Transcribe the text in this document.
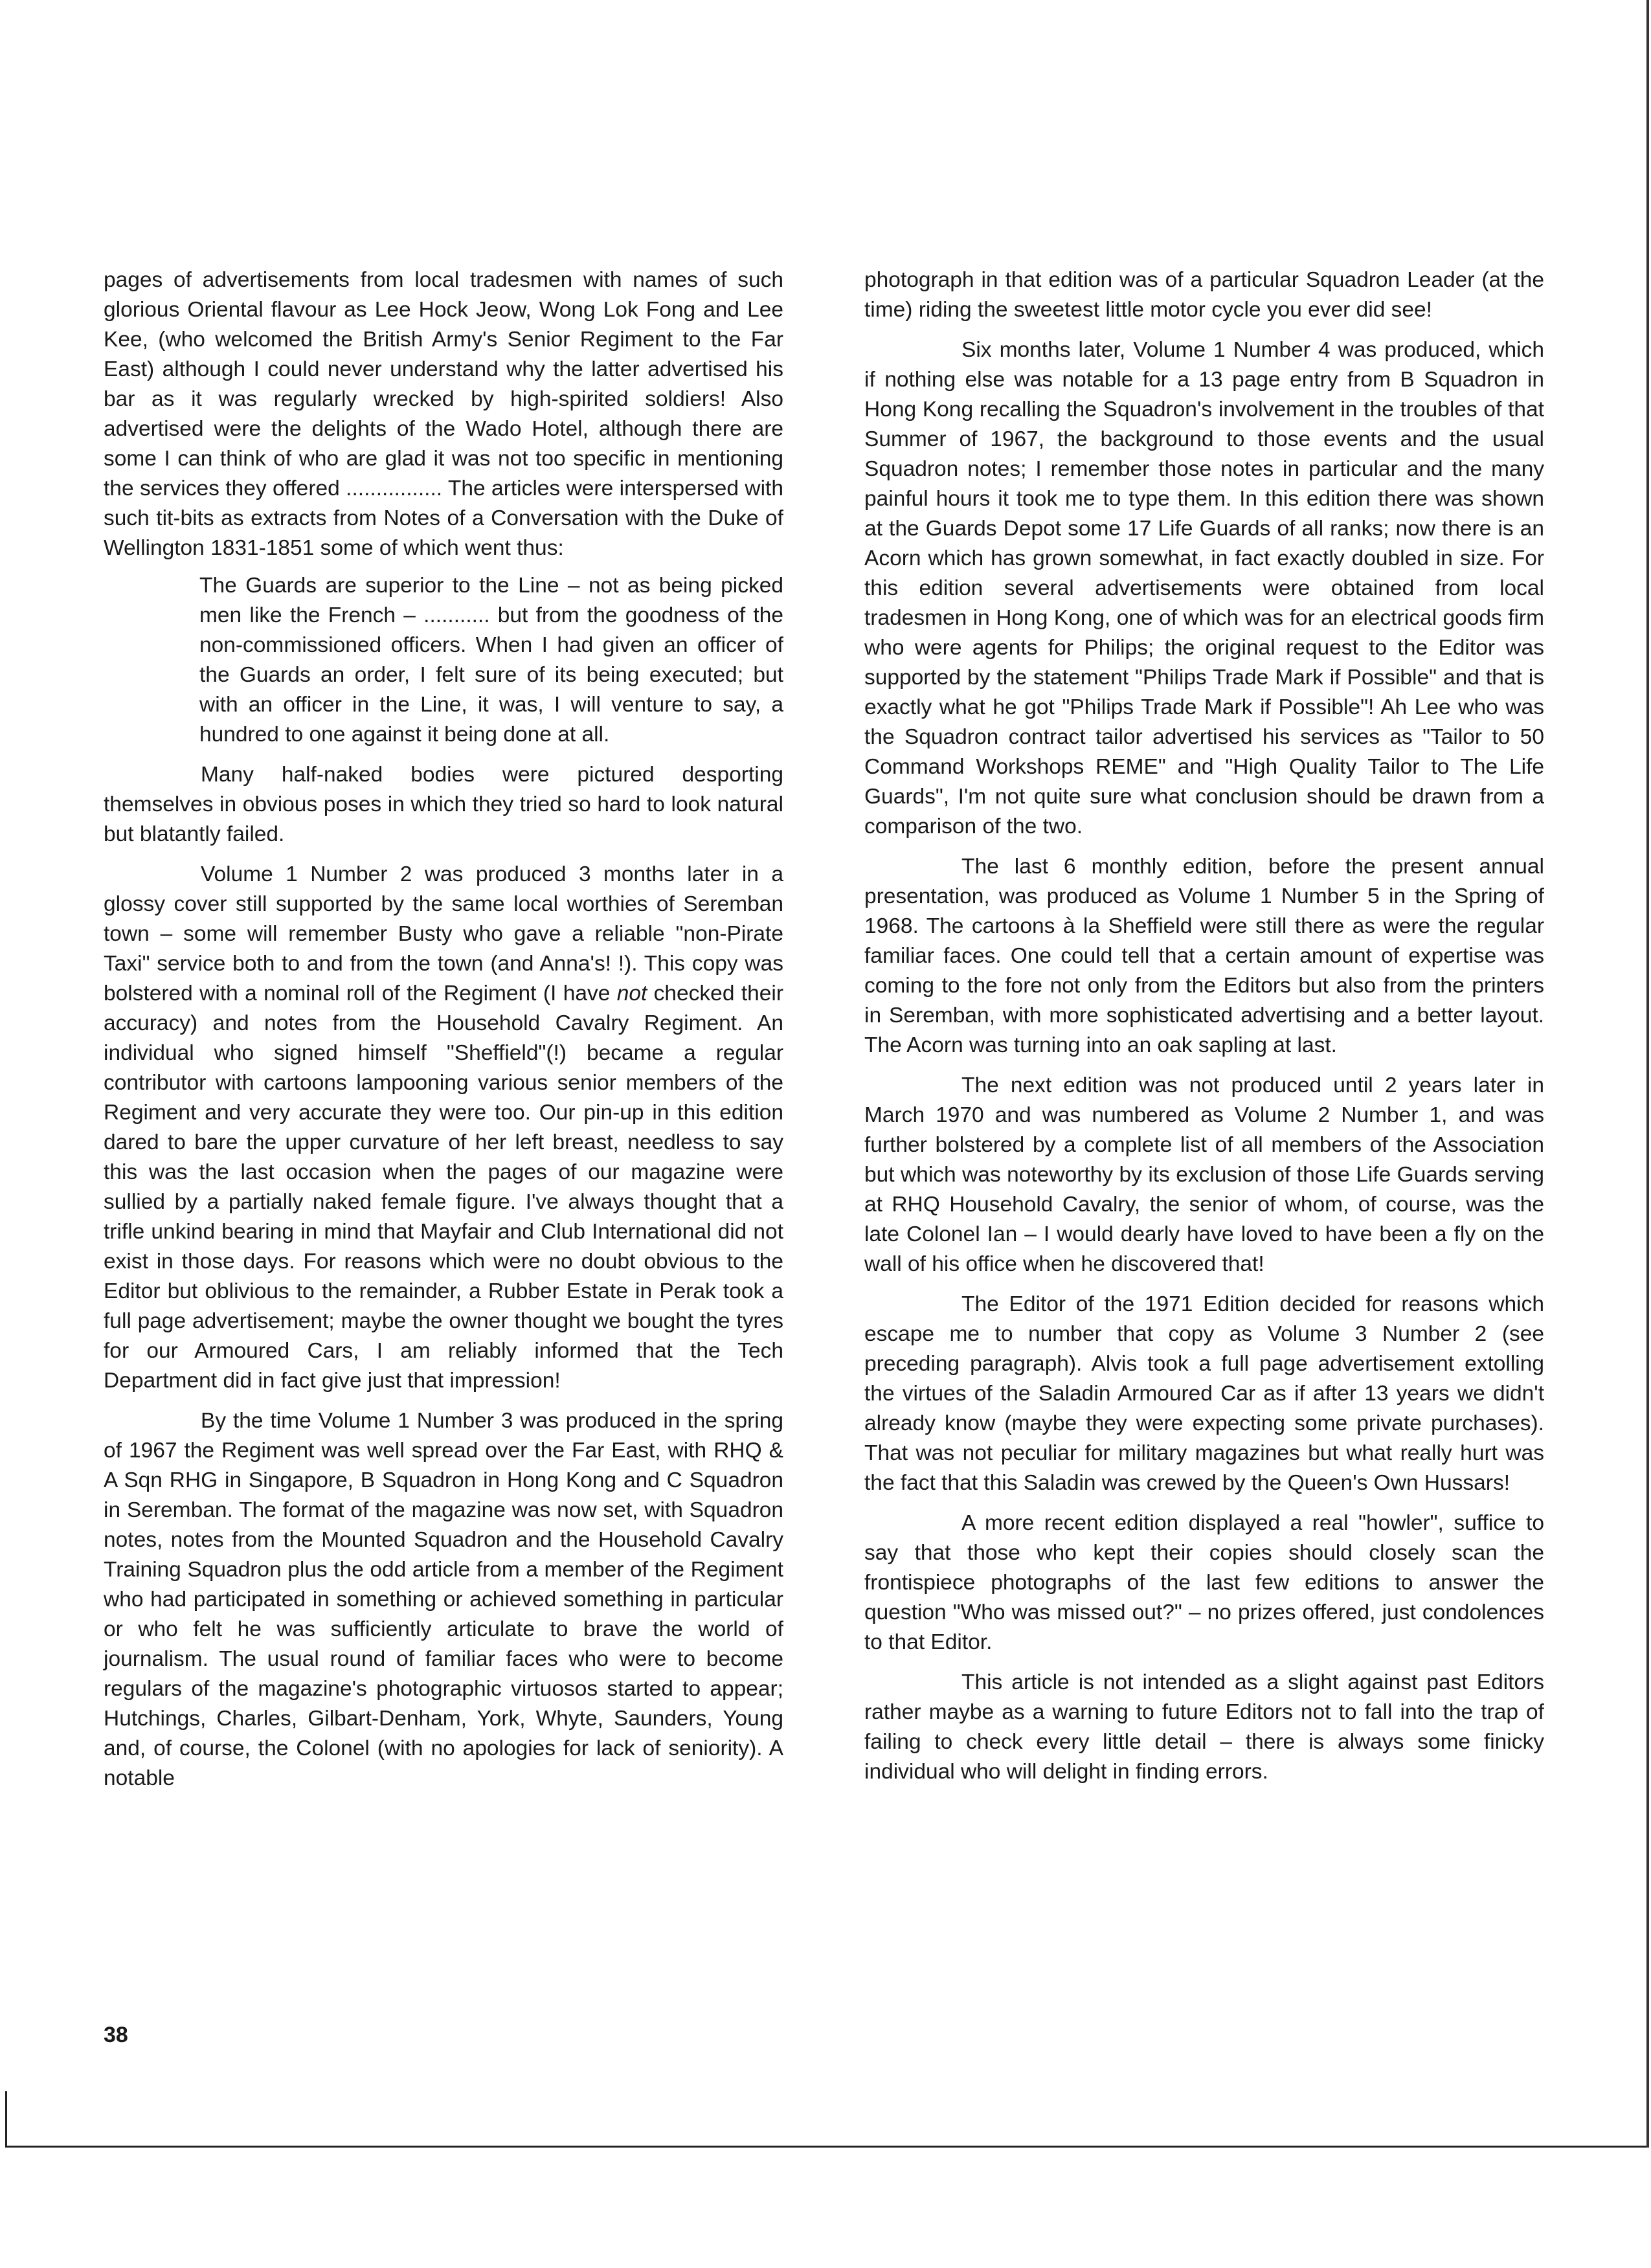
pages of advertisements from local tradesmen with names of such glorious Oriental flavour as Lee Hock Jeow, Wong Lok Fong and Lee Kee, (who welcomed the British Army's Senior Regiment to the Far East) although I could never understand why the latter advertised his bar as it was regularly wrecked by high-spirited soldiers! Also advertised were the delights of the Wado Hotel, although there are some I can think of who are glad it was not too specific in mentioning the services they offered ................ The articles were interspersed with such tit-bits as extracts from Notes of a Conversation with the Duke of Wellington 1831-1851 some of which went thus:

The Guards are superior to the Line – not as being picked men like the French – ........... but from the goodness of the non-commissioned officers. When I had given an officer of the Guards an order, I felt sure of its being executed; but with an officer in the Line, it was, I will venture to say, a hundred to one against it being done at all.

Many half-naked bodies were pictured desporting themselves in obvious poses in which they tried so hard to look natural but blatantly failed.

Volume 1 Number 2 was produced 3 months later in a glossy cover still supported by the same local worthies of Seremban town – some will remember Busty who gave a reliable "non-Pirate Taxi" service both to and from the town (and Anna's! !). This copy was bolstered with a nominal roll of the Regiment (I have not checked their accuracy) and notes from the Household Cavalry Regiment. An individual who signed himself "Sheffield"(!) became a regular contributor with cartoons lampooning various senior members of the Regiment and very accurate they were too. Our pin-up in this edition dared to bare the upper curvature of her left breast, needless to say this was the last occasion when the pages of our magazine were sullied by a partially naked female figure. I've always thought that a trifle unkind bearing in mind that Mayfair and Club International did not exist in those days. For reasons which were no doubt obvious to the Editor but oblivious to the remainder, a Rubber Estate in Perak took a full page advertisement; maybe the owner thought we bought the tyres for our Armoured Cars, I am reliably informed that the Tech Department did in fact give just that impression!

By the time Volume 1 Number 3 was produced in the spring of 1967 the Regiment was well spread over the Far East, with RHQ & A Sqn RHG in Singapore, B Squadron in Hong Kong and C Squadron in Seremban. The format of the magazine was now set, with Squadron notes, notes from the Mounted Squadron and the Household Cavalry Training Squadron plus the odd article from a member of the Regiment who had participated in something or achieved something in particular or who felt he was sufficiently articulate to brave the world of journalism. The usual round of familiar faces who were to become regulars of the magazine's photographic virtuosos started to appear; Hutchings, Charles, Gilbart-Denham, York, Whyte, Saunders, Young and, of course, the Colonel (with no apologies for lack of seniority). A notable

photograph in that edition was of a particular Squadron Leader (at the time) riding the sweetest little motor cycle you ever did see!

Six months later, Volume 1 Number 4 was produced, which if nothing else was notable for a 13 page entry from B Squadron in Hong Kong recalling the Squadron's involvement in the troubles of that Summer of 1967, the background to those events and the usual Squadron notes; I remember those notes in particular and the many painful hours it took me to type them. In this edition there was shown at the Guards Depot some 17 Life Guards of all ranks; now there is an Acorn which has grown somewhat, in fact exactly doubled in size. For this edition several advertisements were obtained from local tradesmen in Hong Kong, one of which was for an electrical goods firm who were agents for Philips; the original request to the Editor was supported by the statement "Philips Trade Mark if Possible" and that is exactly what he got "Philips Trade Mark if Possible"! Ah Lee who was the Squadron contract tailor advertised his services as "Tailor to 50 Command Workshops REME" and "High Quality Tailor to The Life Guards", I'm not quite sure what conclusion should be drawn from a comparison of the two.

The last 6 monthly edition, before the present annual presentation, was produced as Volume 1 Number 5 in the Spring of 1968. The cartoons à la Sheffield were still there as were the regular familiar faces. One could tell that a certain amount of expertise was coming to the fore not only from the Editors but also from the printers in Seremban, with more sophisticated advertising and a better layout. The Acorn was turning into an oak sapling at last.

The next edition was not produced until 2 years later in March 1970 and was numbered as Volume 2 Number 1, and was further bolstered by a complete list of all members of the Association but which was noteworthy by its exclusion of those Life Guards serving at RHQ Household Cavalry, the senior of whom, of course, was the late Colonel Ian – I would dearly have loved to have been a fly on the wall of his office when he discovered that!

The Editor of the 1971 Edition decided for reasons which escape me to number that copy as Volume 3 Number 2 (see preceding paragraph). Alvis took a full page advertisement extolling the virtues of the Saladin Armoured Car as if after 13 years we didn't already know (maybe they were expecting some private purchases). That was not peculiar for military magazines but what really hurt was the fact that this Saladin was crewed by the Queen's Own Hussars!

A more recent edition displayed a real "howler", suffice to say that those who kept their copies should closely scan the frontispiece photographs of the last few editions to answer the question "Who was missed out?" – no prizes offered, just condolences to that Editor.

This article is not intended as a slight against past Editors rather maybe as a warning to future Editors not to fall into the trap of failing to check every little detail – there is always some finicky individual who will delight in finding errors.

38
